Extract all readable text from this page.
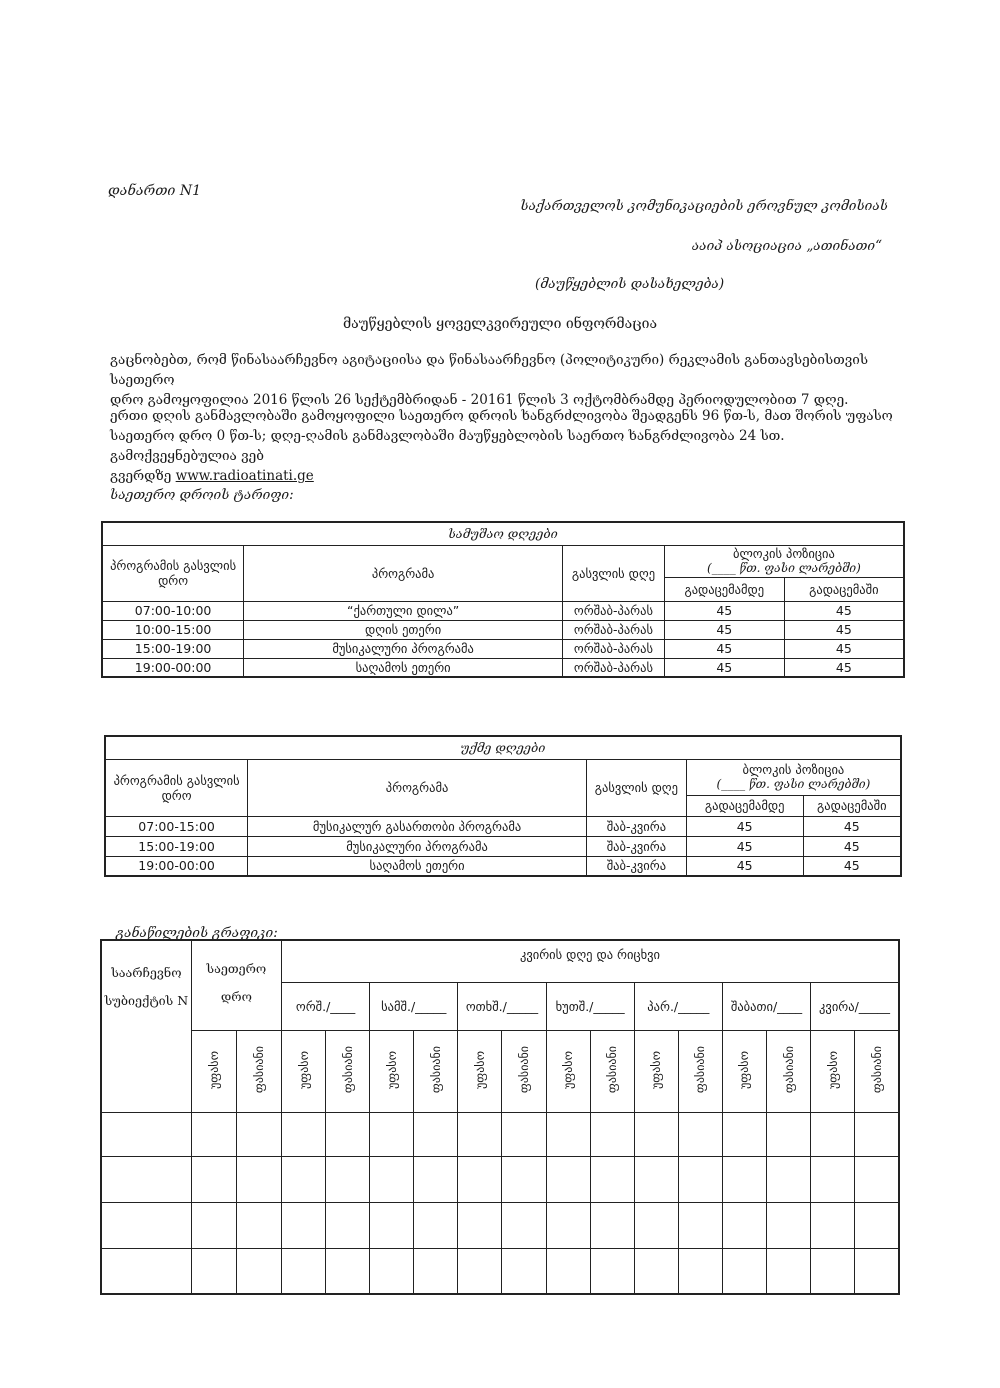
დანართი N1
საქართველოს კომუნიკაციების ეროვნულ კომისიას
ააიპ ასოციაცია „ათინათი“
(მაუწყებლის დასახელება)
მაუწყებლის ყოველკვირეული ინფორმაცია
გაცნობებთ, რომ წინასაარჩევნო აგიტაციისა და წინასაარჩევნო (პოლიტიკური) რეკლამის განთავსებისთვის საეთერო
დრო გამოყოფილია 2016 წლის 26 სექტემბრიდან - 20161 წლის 3 ოქტომბრამდე პერიოდულობით 7 დღე.
ერთი დღის განმავლობაში გამოყოფილი საეთერო დროის ხანგრძლივობა შეადგენს 96 წთ-ს, მათ შორის უფასო
საეთერო დრო 0 წთ-ს; დღე-ღამის განმავლობაში მაუწყებლობის საერთო ხანგრძლივობა 24 სთ. გამოქვეყნებულია ვებ
გვერდზე www.radioatinati.ge
საეთერო დროის ტარიფი:
სამუშაო დღეები				
პროგრამის გასვლის დრო	პროგრამა	გასვლის დღე	ბლოკის პოზიცია
(____ წთ. ფასი ლარებში)	

			გადაცემამდე	გადაცემაში
07:00-10:00	“ქართული დილა”	ორშაბ-პარას	45	45
10:00-15:00	დღის ეთერი	ორშაბ-პარას	45	45
15:00-19:00	მუსიკალური პროგრამა	ორშაბ-პარას	45	45
19:00-00:00	საღამოს ეთერი	ორშაბ-პარას	45	45
უქმე დღეები				
პროგრამის გასვლის დრო	პროგრამა	გასვლის დღე	ბლოკის პოზიცია
(____ წთ. ფასი ლარებში)	

			გადაცემამდე	გადაცემაში
07:00-15:00	მუსიკალურ გასართობი პროგრამა	შაბ-კვირა	45	45
15:00-19:00	მუსიკალური პროგრამა	შაბ-კვირა	45	45
19:00-00:00	საღამოს ეთერი	შაბ-კვირა	45	45
განაწილების გრაფიკი:
საარჩევნო სუბიექტის N	საეთერო დრო		კვირის დღე და რიცხვი													
			ორშ./____		სამშ./_____		ოთხშ./_____		ხუთშ./_____		პარ./_____		შაბათი/____		კვირა/_____	
	უფასო	ფასიანი	უფასო	ფასიანი	უფასო	ფასიანი	უფასო	ფასიანი	უფასო	ფასიანი	უფასო	ფასიანი	უფასო	ფასიანი	უფასო	ფასიანი
